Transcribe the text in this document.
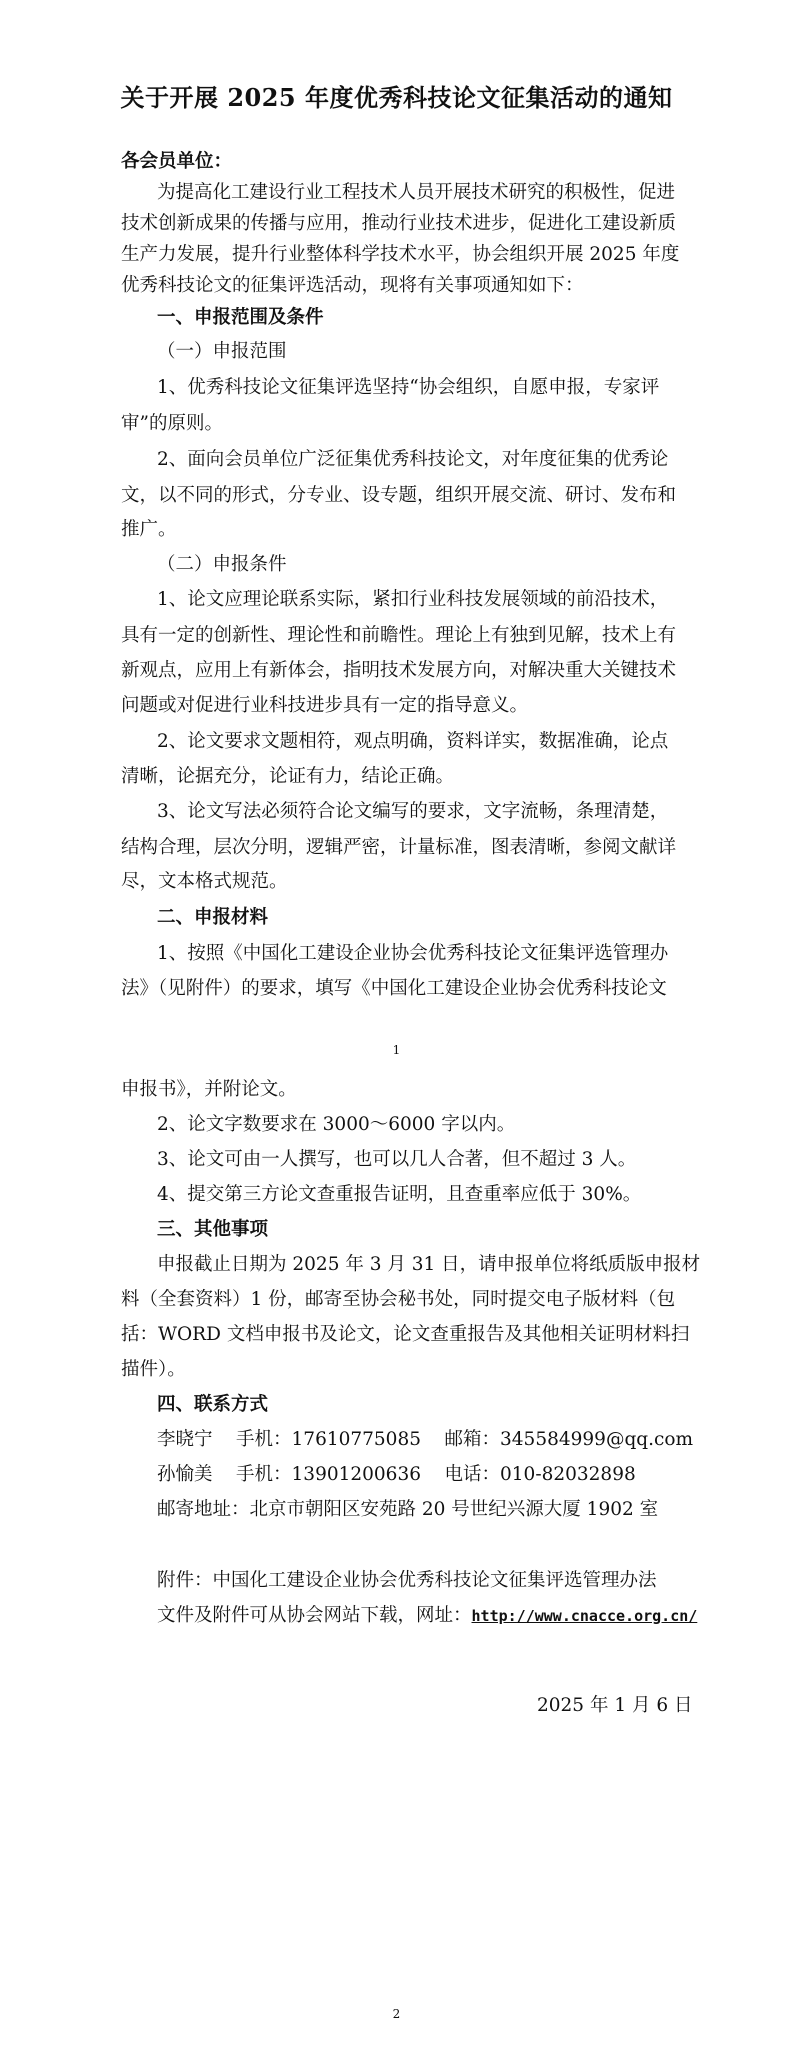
关于开展 2025 年度优秀科技论文征集活动的通知
各会员单位：
为提高化工建设行业工程技术人员开展技术研究的积极性，促进
技术创新成果的传播与应用，推动行业技术进步，促进化工建设新质
生产力发展，提升行业整体科学技术水平，协会组织开展 2025 年度
优秀科技论文的征集评选活动，现将有关事项通知如下：
一、申报范围及条件
（一）申报范围
1、优秀科技论文征集评选坚持“协会组织，自愿申报，专家评
审”的原则。
2、面向会员单位广泛征集优秀科技论文，对年度征集的优秀论
文，以不同的形式，分专业、设专题，组织开展交流、研讨、发布和
推广。
（二）申报条件
1、论文应理论联系实际，紧扣行业科技发展领域的前沿技术，
具有一定的创新性、理论性和前瞻性。理论上有独到见解，技术上有
新观点，应用上有新体会，指明技术发展方向，对解决重大关键技术
问题或对促进行业科技进步具有一定的指导意义。
2、论文要求文题相符，观点明确，资料详实，数据准确，论点
清晰，论据充分，论证有力，结论正确。
3、论文写法必须符合论文编写的要求，文字流畅，条理清楚，
结构合理，层次分明，逻辑严密，计量标准，图表清晰，参阅文献详
尽，文本格式规范。
二、申报材料
1、按照《中国化工建设企业协会优秀科技论文征集评选管理办
法》（见附件）的要求，填写《中国化工建设企业协会优秀科技论文
1
申报书》，并附论文。
2、论文字数要求在 3000～6000 字以内。
3、论文可由一人撰写，也可以几人合著，但不超过 3 人。
4、提交第三方论文查重报告证明，且查重率应低于 30%。
三、其他事项
申报截止日期为 2025 年 3 月 31 日，请申报单位将纸质版申报材
料（全套资料）1 份，邮寄至协会秘书处，同时提交电子版材料（包
括：WORD 文档申报书及论文，论文查重报告及其他相关证明材料扫
描件）。
四、联系方式
李晓宁    手机：17610775085    邮箱：345584999@qq.com
孙愉美    手机：13901200636    电话：010-82032898
邮寄地址：北京市朝阳区安苑路 20 号世纪兴源大厦 1902 室
附件：中国化工建设企业协会优秀科技论文征集评选管理办法
文件及附件可从协会网站下载，网址：http://www.cnacce.org.cn/
2025 年 1 月 6 日
2
